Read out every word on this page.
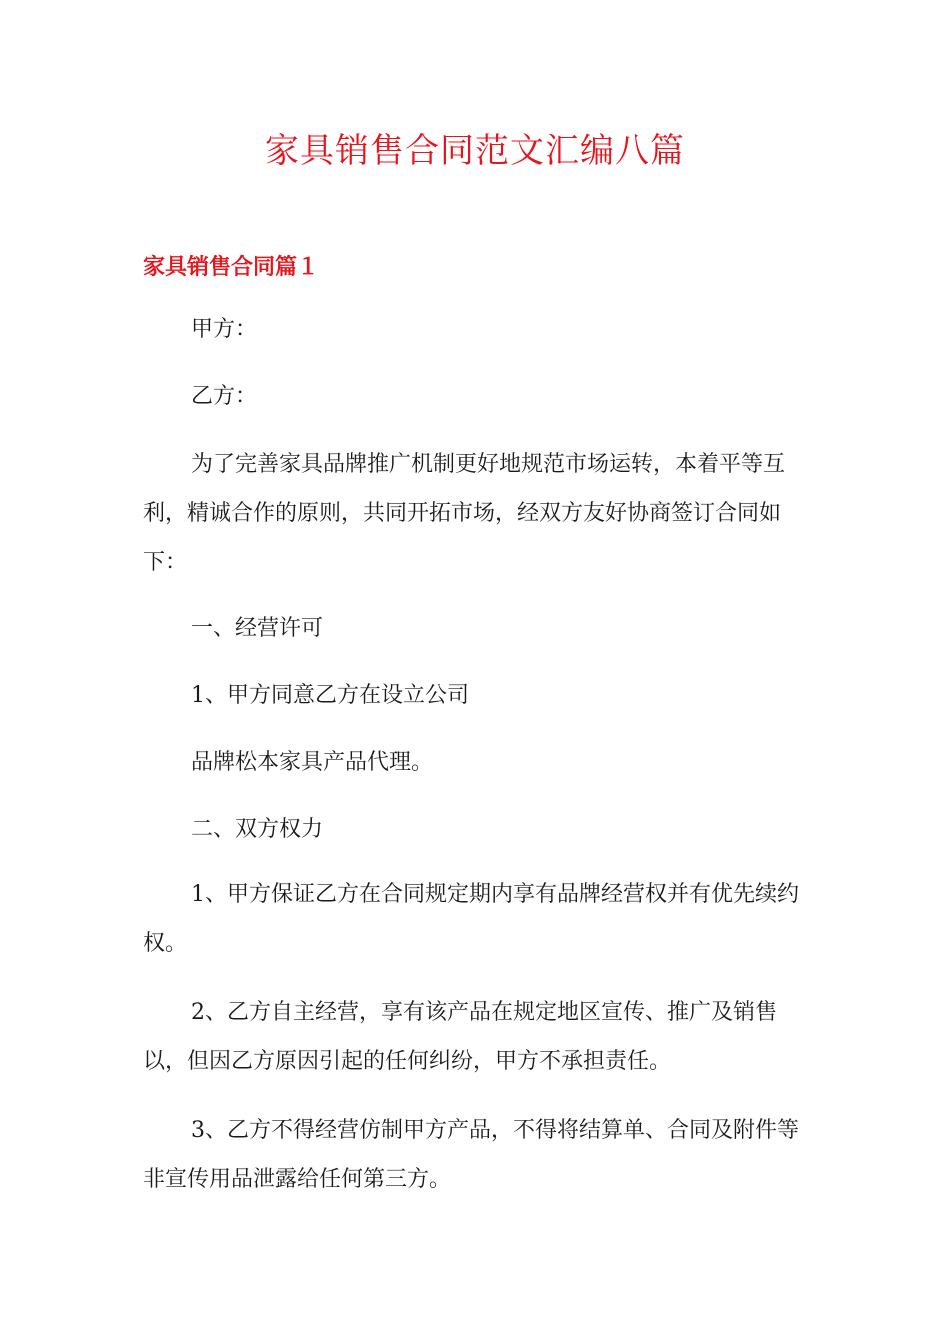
家具销售合同范文汇编八篇
家具销售合同篇１

甲方：

乙方：

为了完善家具品牌推广机制更好地规范市场运转，本着平等互利，精诚合作的原则，共同开拓市场，经双方友好协商签订合同如下：

一、经营许可

1、甲方同意乙方在设立公司

品牌松本家具产品代理。

二、双方权力

1、甲方保证乙方在合同规定期内享有品牌经营权并有优先续约权。

2、乙方自主经营，享有该产品在规定地区宣传、推广及销售以，但因乙方原因引起的任何纠纷，甲方不承担责任。

3、乙方不得经营仿制甲方产品，不得将结算单、合同及附件等非宣传用品泄露给任何第三方。
